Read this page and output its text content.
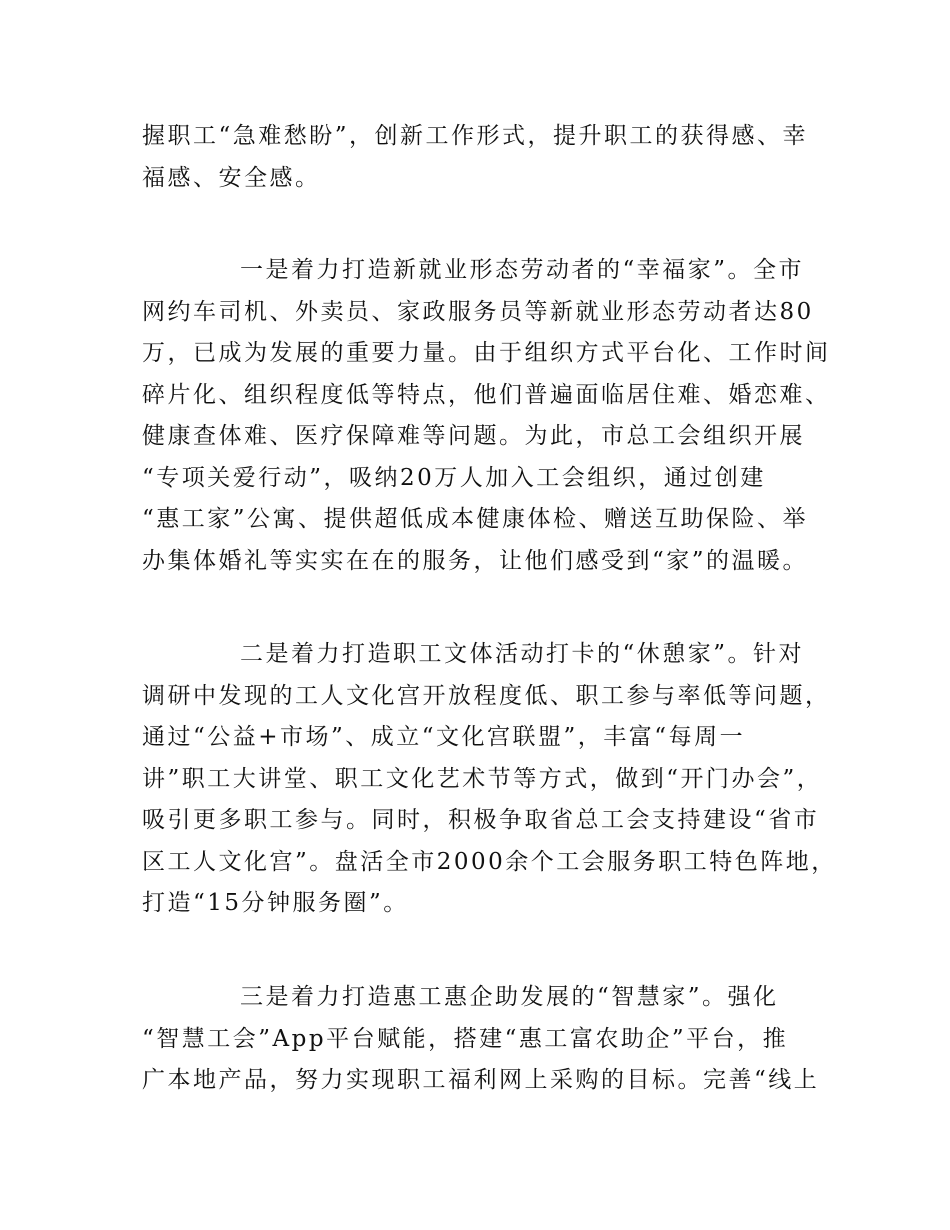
握职工“急难愁盼”，创新工作形式，提升职工的获得感、幸
福感、安全感。
一是着力打造新就业形态劳动者的“幸福家”。全市
网约车司机、外卖员、家政服务员等新就业形态劳动者达80
万，已成为发展的重要力量。由于组织方式平台化、工作时间
碎片化、组织程度低等特点，他们普遍面临居住难、婚恋难、
健康查体难、医疗保障难等问题。为此，市总工会组织开展
“专项关爱行动”，吸纳20万人加入工会组织，通过创建
“惠工家”公寓、提供超低成本健康体检、赠送互助保险、举
办集体婚礼等实实在在的服务，让他们感受到“家”的温暖。
二是着力打造职工文体活动打卡的“休憩家”。针对
调研中发现的工人文化宫开放程度低、职工参与率低等问题，
通过“公益+市场”、成立“文化宫联盟”，丰富“每周一
讲”职工大讲堂、职工文化艺术节等方式，做到“开门办会”，
吸引更多职工参与。同时，积极争取省总工会支持建设“省市
区工人文化宫”。盘活全市2000余个工会服务职工特色阵地，
打造“15分钟服务圈”。
三是着力打造惠工惠企助发展的“智慧家”。强化
“智慧工会”App平台赋能，搭建“惠工富农助企”平台，推
广本地产品，努力实现职工福利网上采购的目标。完善“线上
